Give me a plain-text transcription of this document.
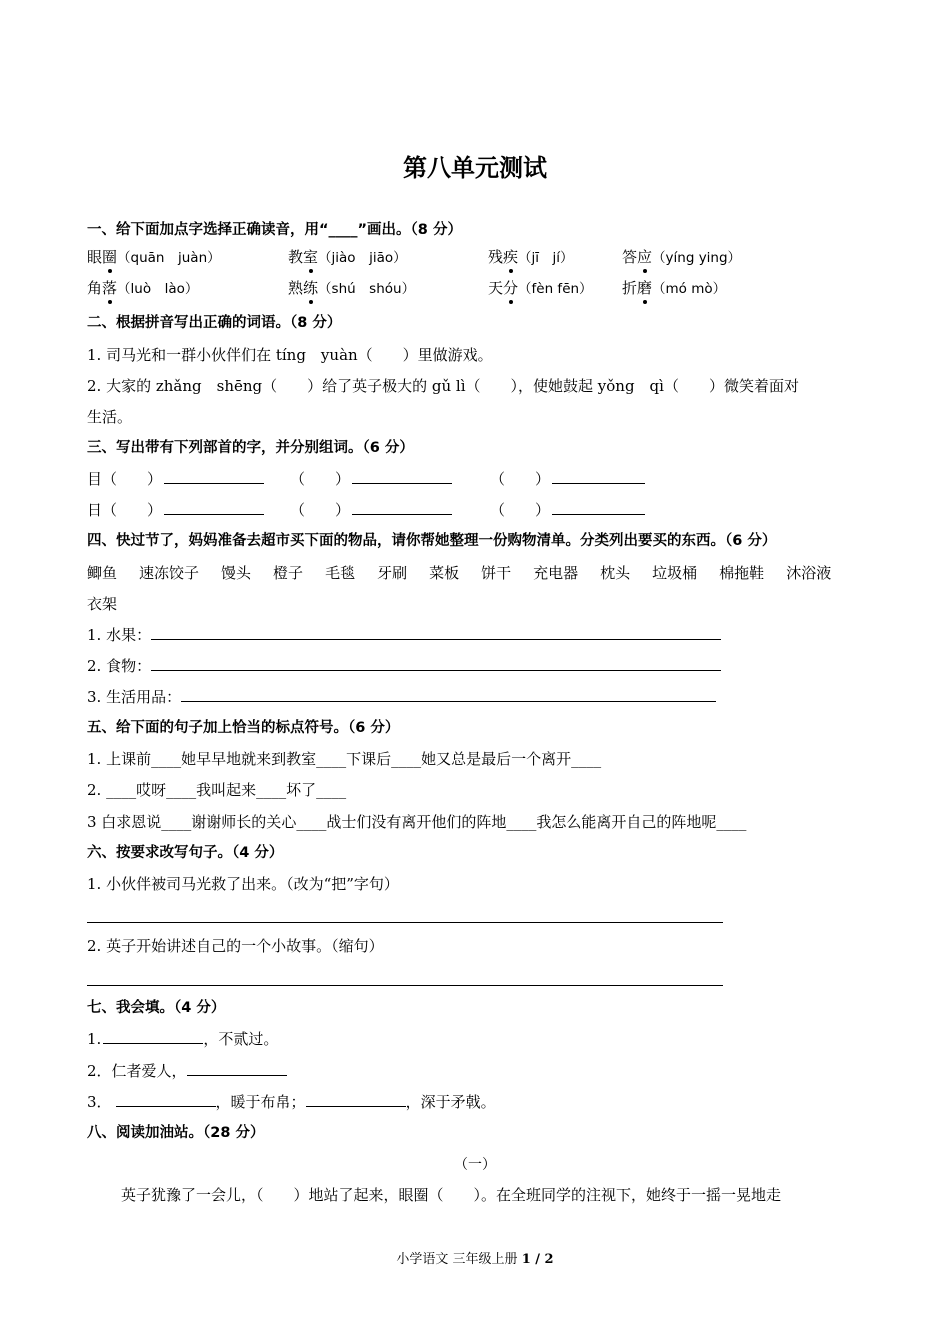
第八单元测试
一、给下面加点字选择正确读音，用“____”画出。（8 分）
眼圈（quān　juàn）	教室（jiào　jiāo）	残疾（jī　jí）	答应（yíng ying）
角落（luò　lào）	熟练（shú　shóu）	天分（fèn fēn） 折磨（mó mò）
二、根据拼音写出正确的词语。（8 分）
1. 司马光和一群小伙伴们在 tíng　yuàn（　　）里做游戏。
2. 大家的 zhǎng　shēng（　　）给了英子极大的 gǔ lì（　　），使她鼓起 yǒng　qì（　　）微笑着面对
生活。
三、写出带有下列部首的字，并分别组词。（6 分）
目（　　）	（　　）	（　　）
日（　　）	（　　）	（　　）
四、快过节了，妈妈准备去超市买下面的物品，请你帮她整理一份购物清单。分类列出要买的东西。（6 分）
鲫鱼 速冻饺子 馒头 橙子 毛毯 牙刷 菜板 饼干 充电器 枕头 垃圾桶 棉拖鞋 沐浴液
衣架
1. 水果：
2. 食物：
3. 生活用品：
五、给下面的句子加上恰当的标点符号。（6 分）
1. 上课前____她早早地就来到教室____下课后____她又总是最后一个离开____
2. ____哎呀____我叫起来____坏了____
3 白求恩说____谢谢师长的关心____战士们没有离开他们的阵地____我怎么能离开自己的阵地呢____
六、按要求改写句子。（4 分）
1. 小伙伴被司马光救了出来。（改为“把”字句）
2. 英子开始讲述自己的一个小故事。（缩句）
七、我会填。（4 分）
1.	，不贰过。
2．仁者爱人，
3．	，暖于布帛；	，深于矛戟。
八、阅读加油站。（28 分）
（一）
英子犹豫了一会儿，（　　）地站了起来，眼圈（　　）。在全班同学的注视下，她终于一摇一晃地走
小学语文 三年级上册 1 / 2
